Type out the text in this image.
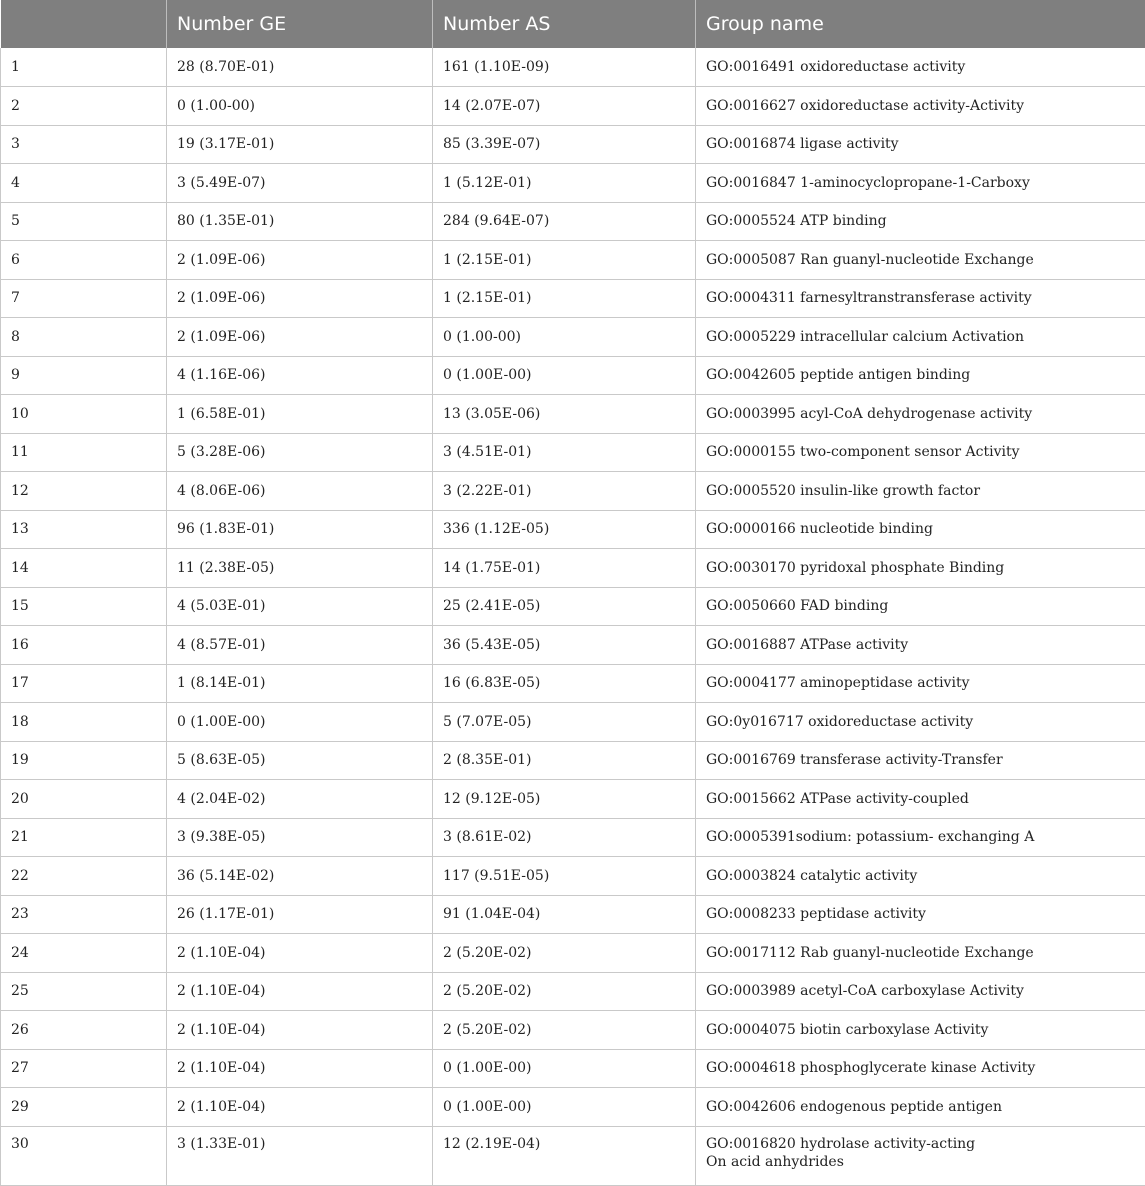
	Number GE	Number AS	Group name
1	28 (8.70E-01)	161 (1.10E-09)	GO:0016491 oxidoreductase activity
2	0 (1.00-00)	14 (2.07E-07)	GO:0016627 oxidoreductase activity-Activity
3	19 (3.17E-01)	85 (3.39E-07)	GO:0016874 ligase activity
4	3 (5.49E-07)	1 (5.12E-01)	GO:0016847 1-aminocyclopropane-1-Carboxy
5	80 (1.35E-01)	284 (9.64E-07)	GO:0005524 ATP binding
6	2 (1.09E-06)	1 (2.15E-01)	GO:0005087 Ran guanyl-nucleotide Exchange
7	2 (1.09E-06)	1 (2.15E-01)	GO:0004311 farnesyltranstransferase activity
8	2 (1.09E-06)	0 (1.00-00)	GO:0005229 intracellular calcium Activation
9	4 (1.16E-06)	0 (1.00E-00)	GO:0042605 peptide antigen binding
10	1 (6.58E-01)	13 (3.05E-06)	GO:0003995 acyl-CoA dehydrogenase activity
11	5 (3.28E-06)	3 (4.51E-01)	GO:0000155 two-component sensor Activity
12	4 (8.06E-06)	3 (2.22E-01)	GO:0005520 insulin-like growth factor
13	96 (1.83E-01)	336 (1.12E-05)	GO:0000166 nucleotide binding
14	11 (2.38E-05)	14 (1.75E-01)	GO:0030170 pyridoxal phosphate Binding
15	4 (5.03E-01)	25 (2.41E-05)	GO:0050660 FAD binding
16	4 (8.57E-01)	36 (5.43E-05)	GO:0016887 ATPase activity
17	1 (8.14E-01)	16 (6.83E-05)	GO:0004177 aminopeptidase activity
18	0 (1.00E-00)	5 (7.07E-05)	GO:0y016717 oxidoreductase activity
19	5 (8.63E-05)	2 (8.35E-01)	GO:0016769 transferase activity-Transfer
20	4 (2.04E-02)	12 (9.12E-05)	GO:0015662 ATPase activity-coupled
21	3 (9.38E-05)	3 (8.61E-02)	GO:0005391sodium: potassium- exchanging A
22	36 (5.14E-02)	117 (9.51E-05)	GO:0003824 catalytic activity
23	26 (1.17E-01)	91 (1.04E-04)	GO:0008233 peptidase activity
24	2 (1.10E-04)	2 (5.20E-02)	GO:0017112 Rab guanyl-nucleotide Exchange
25	2 (1.10E-04)	2 (5.20E-02)	GO:0003989 acetyl-CoA carboxylase Activity
26	2 (1.10E-04)	2 (5.20E-02)	GO:0004075 biotin carboxylase Activity
27	2 (1.10E-04)	0 (1.00E-00)	GO:0004618 phosphoglycerate kinase Activity
29	2 (1.10E-04)	0 (1.00E-00)	GO:0042606 endogenous peptide antigen
30	3 (1.33E-01)	12 (2.19E-04)	GO:0016820 hydrolase activity-acting
On acid anhydrides
